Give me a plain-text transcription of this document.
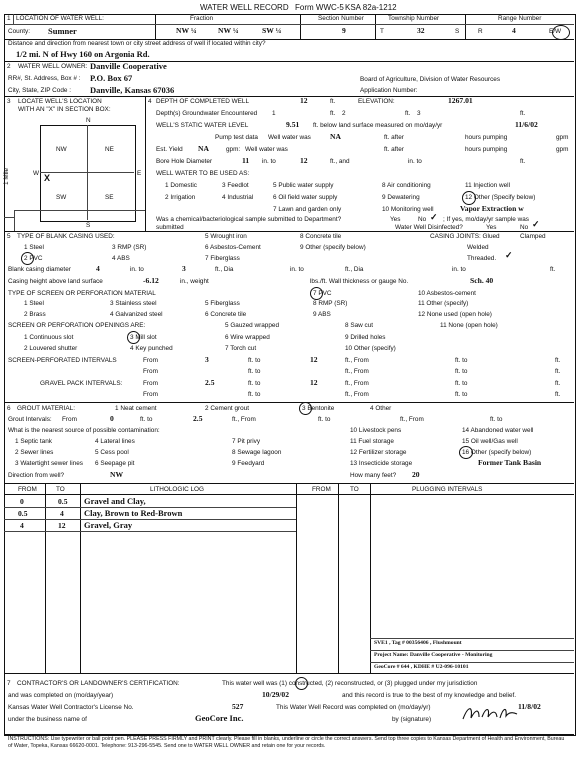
WATER WELL RECORD Form WWC-5 KSA 82a-1212
1 LOCATION OF WATER WELL:
County: Sumner
Fraction
NW ¼	NW ¼	SW ¼
Section Number
9
Township Number
T	32	S
Range Number
R	4	E/W
Distance and direction from nearest town or city street address of well if located within city?
1/2 mi. N of Hwy 160 on Argonia Rd.
2 WATER WELL OWNER: Danville Cooperative
RR#, St. Address, Box # : P.O. Box 67
City, State, ZIP Code : Danville, Kansas 67036
Board of Agriculture, Division of Water Resources
Application Number:
3 LOCATE WELL'S LOCATION
WITH AN "X" IN SECTION BOX:
N
S
W	E
1 Mile
NW	NE
SW	SE
X
4 DEPTH OF COMPLETED WELL	12	ft.	ELEVATION:	1267.01
Depth(s) Groundwater Encountered 1	ft. 2	ft. 3	ft.
WELL'S STATIC WATER LEVEL	9.51 ft. below land surface measured on mo/day/yr	11/6/02
Pump test data Well water was	NA	ft. after	hours pumping	gpm
Est. Yield NA	gpm: Well water was	ft. after	hours pumping	gpm
Bore Hole Diameter	11 in. to	12	ft., and	in. to	ft.
WELL WATER TO BE USED AS:
1 Domestic	3 Feedlot	5 Public water supply	8 Air conditioning	11 Injection well
2 Irrigation	4 Industrial	6 Oil field water supply	9 Dewatering	12 Other (Specify below)
7 Lawn and garden only	10 Monitoring well	Vapor Extraction w
Was a chemical/bacteriological sample submitted to Department?	Yes	No ✓ ; If yes, mo/day/yr sample was
submitted	Water Well Disinfected?	Yes	No ✓
5 TYPE OF BLANK CASING USED:
1 Steel	3 RMP (SR)
5 Wrought iron
6 Asbestos-Cement
7 Fiberglass
8 Concrete tile
9 Other (specify below)
2 PVC	4 ABS
CASING JOINTS: Glued	Clamped
Welded
Threaded. ✓
Blank casing diameter	4	in. to	3	ft., Dia	in. to	ft., Dia	in. to	ft.
Casing height above land surface	-6.12	in., weight	lbs./ft. Wall thickness or gauge No.	Sch. 40
TYPE OF SCREEN OR PERFORATION MATERIAL
1 Steel	3 Stainless steel	5 Fiberglass
7 PVC	10 Asbestos-cement
2 Brass	4 Galvanized steel	6 Concrete tile
8 RMP (SR)
9 ABS
11 Other (specify)
12 None used (open hole)
SCREEN OR PERFORATION OPENINGS ARE:
1 Continuous slot	3 Mill slot
5 Gauzed wrapped	8 Saw cut	11 None (open hole)
2 Louvered shutter	4 Key punched
6 Wire wrapped	9 Drilled holes
7 Torch cut	10 Other (specify)
SCREEN-PERFORATED INTERVALS	From	3	ft. to	12	ft., From	ft. to	ft.
From	ft. to	ft., From	ft. to	ft.
GRAVEL PACK INTERVALS:	From	2.5	ft. to	12	ft., From	ft. to	ft.
From	ft. to	ft., From	ft. to	ft.
6 GROUT MATERIAL:	1 Neat cement	2 Cement grout	3 Bentonite	4 Other
Grout Intervals: From	0	ft. to	2.5	ft., From	ft. to	ft., From	ft. to
What is the nearest source of possible contamination:	10 Livestock pens	14 Abandoned water well
1 Septic tank	4 Lateral lines	7 Pit privy	11 Fuel storage	15 Oil well/Gas well
2 Sewer lines	5 Cess pool	8 Sewage lagoon	12 Fertilizer storage	16 Other (specify below)
3 Watertight sewer lines 6 Seepage pit	9 Feedyard	13 Insecticide storage	Former Tank Basin
Direction from well?	NW	How many feet? 20
FROM	TO	LITHOLOGIC LOG	FROM	TO	PLUGGING INTERVALS
0	0.5 Gravel and Clay,
0.5	4 Clay, Brown to Red-Brown
4	12 Gravel, Gray
SVE1 , Tag # 00356406 , Flushmount
Project Name: Danville Cooperative - Monitoring
GeoCore # 644 , KDHE # U2-096-10101
7 CONTRACTOR'S OR LANDOWNER'S CERTIFICATION:	This water well was (1) constructed, (2) reconstructed, or (3) plugged under my jurisdiction
and was completed on (mo/day/year)	10/29/02	and this record is true to the best of my knowledge and belief.
Kansas Water Well Contractor's License No.	527	This Water Well Record was completed on (mo/day/yr)	11/8/02
under the business name of	GeoCore Inc.	by (signature)
INSTRUCTIONS: Use typewriter or ball point pen. PLEASE PRESS FIRMLY and PRINT clearly. Please fill in blanks, underline or circle the correct answers. Send top three copies to Kansas Department of Health and Environment, Bureau of Water, Topeka, Kansas 66620-0001. Telephone: 913-296-5545. Send one to WATER WELL OWNER and retain one for your records.
